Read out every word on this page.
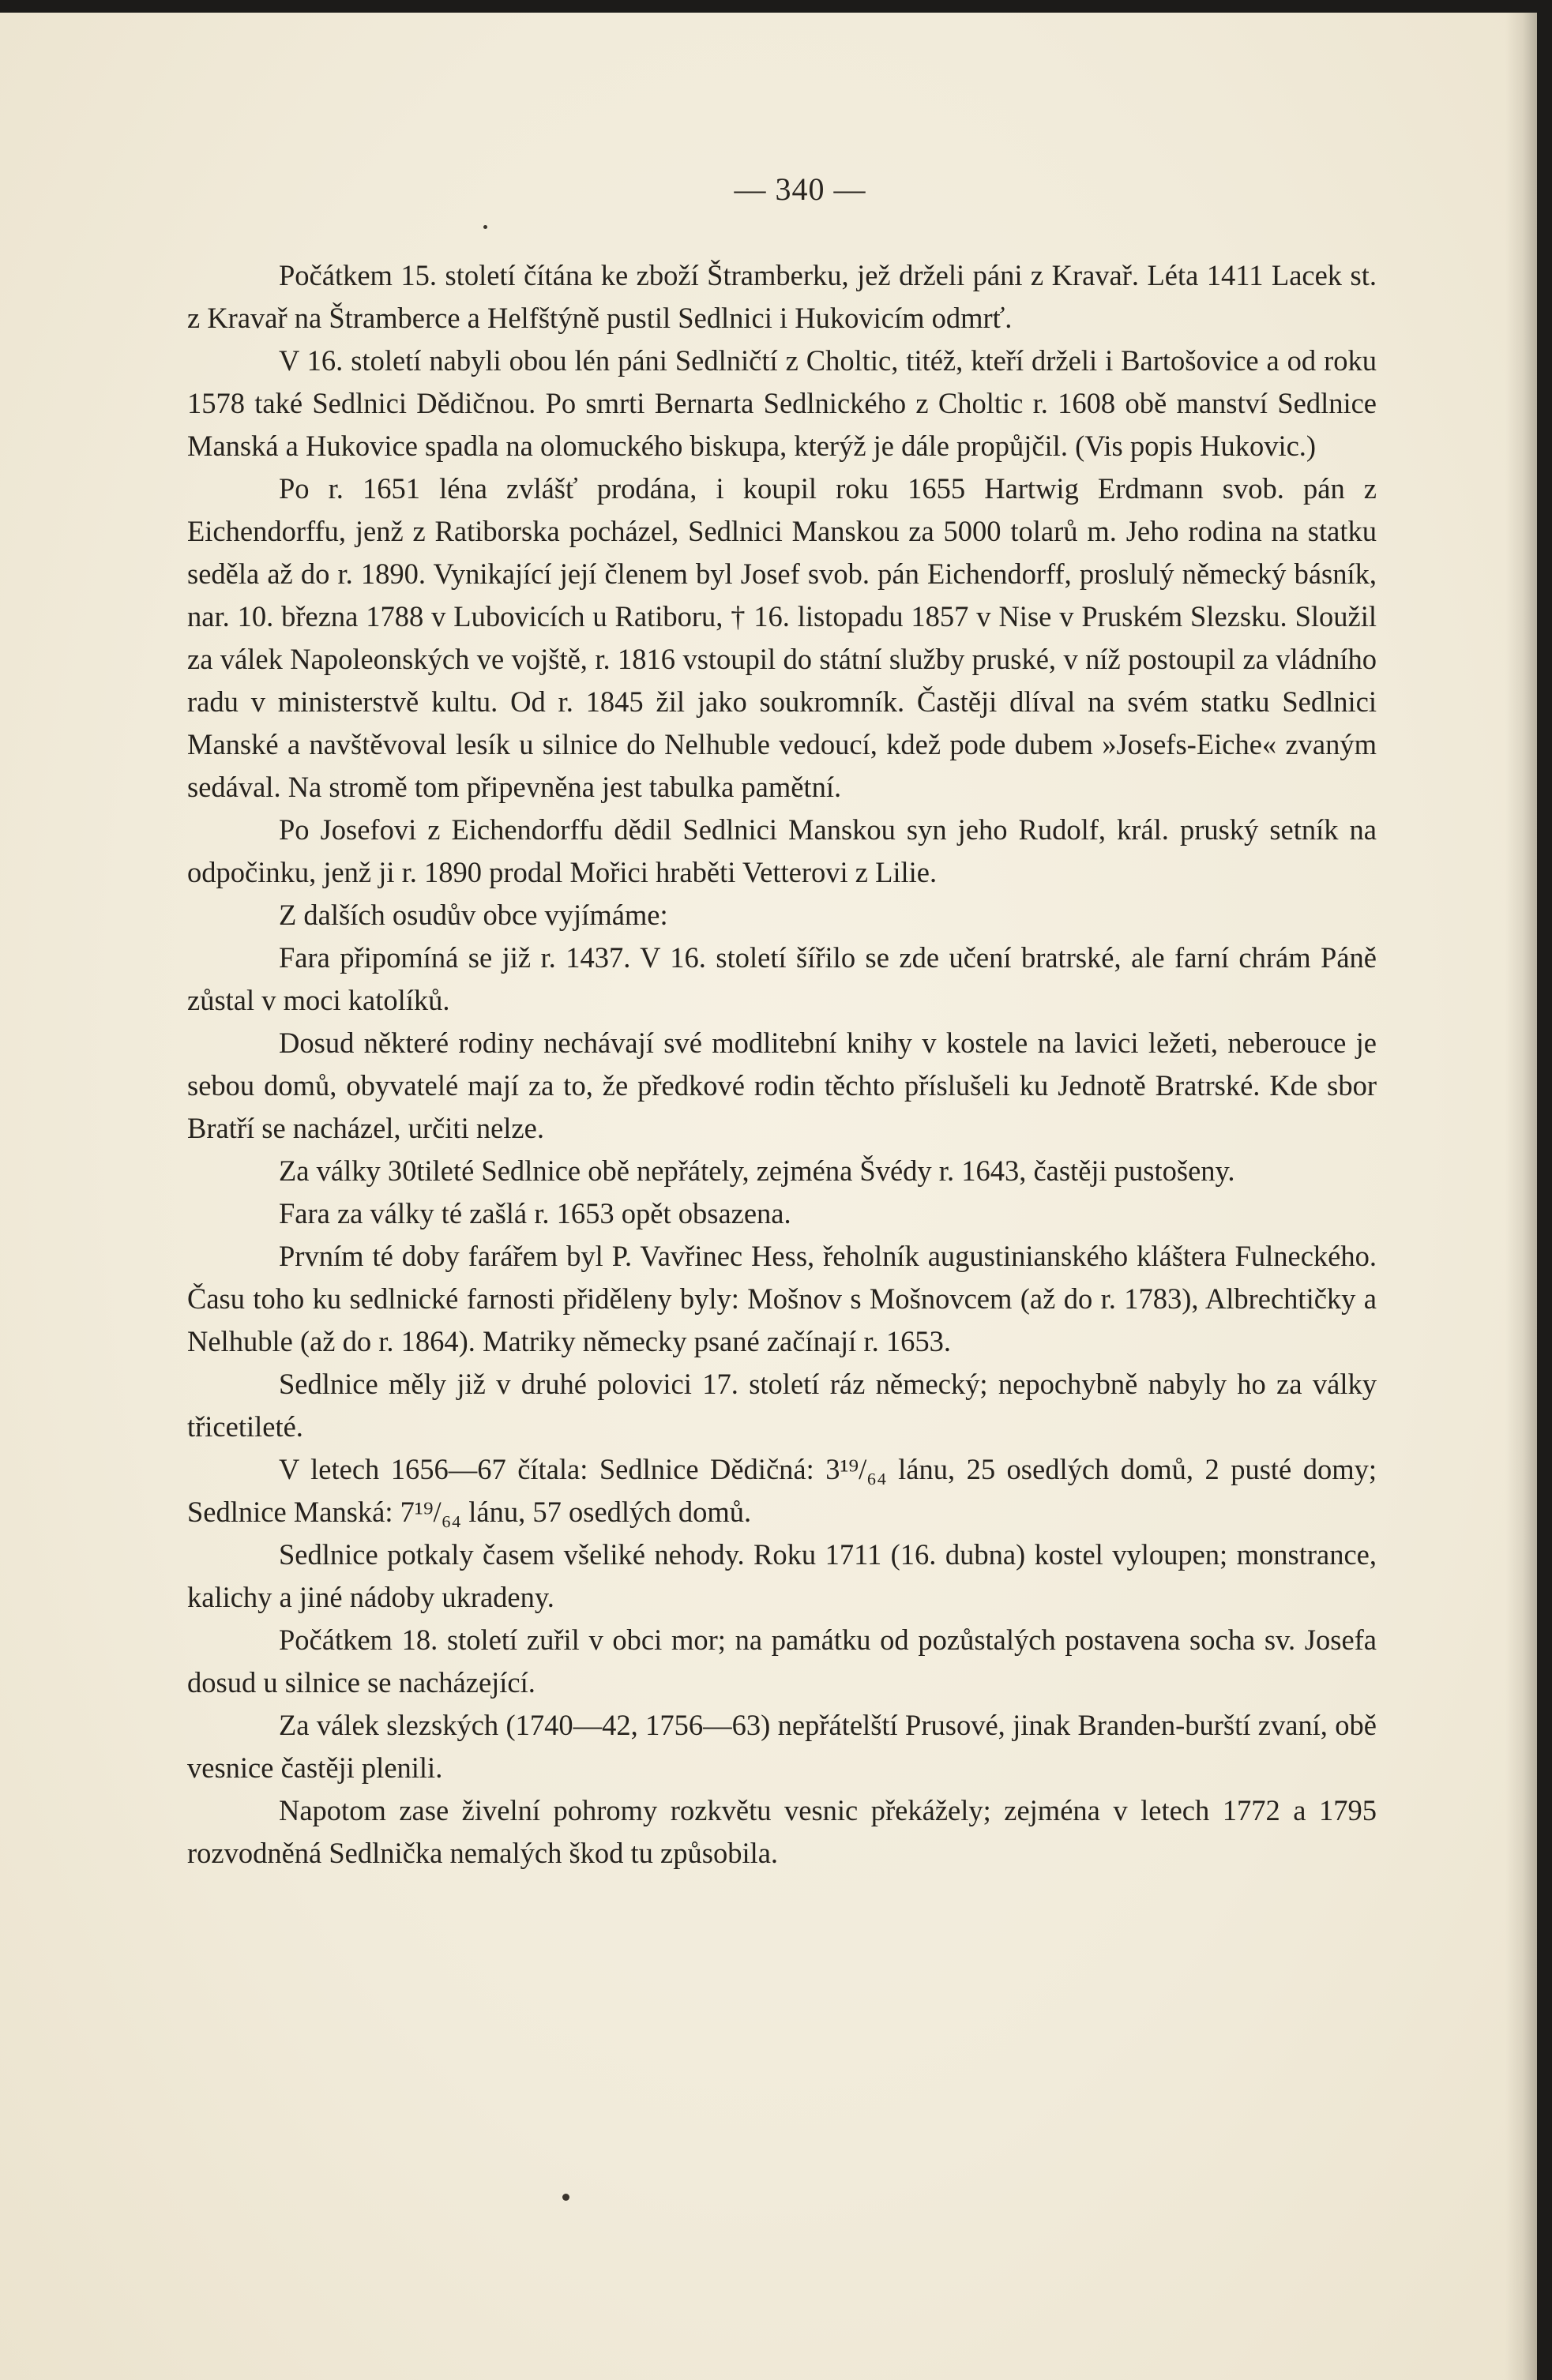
— 340 —

Počátkem 15. století čítána ke zboží Štramberku, jež drželi páni z Kravař. Léta 1411 Lacek st. z Kravař na Štramberce a Helfštýně pustil Sedlnici i Hukovicím odmrť.

V 16. století nabyli obou lén páni Sedlničtí z Choltic, titéž, kteří drželi i Bartošovice a od roku 1578 také Sedlnici Dědičnou. Po smrti Bernarta Sedlnického z Choltic r. 1608 obě manství Sedlnice Manská a Hukovice spadla na olomuckého biskupa, kterýž je dále propůjčil. (Vis popis Hukovic.)

Po r. 1651 léna zvlášť prodána, i koupil roku 1655 Hartwig Erdmann svob. pán z Eichendorffu, jenž z Ratiborska pocházel, Sedlnici Manskou za 5000 tolarů m. Jeho rodina na statku seděla až do r. 1890. Vynikající její členem byl Josef svob. pán Eichendorff, proslulý německý básník, nar. 10. března 1788 v Lubovicích u Ratiboru, † 16. listopadu 1857 v Nise v Pruském Slezsku. Sloužil za válek Napoleonských ve vojště, r. 1816 vstoupil do státní služby pruské, v níž postoupil za vládního radu v ministerstvě kultu. Od r. 1845 žil jako soukromník. Častěji dlíval na svém statku Sedlnici Manské a navštěvoval lesík u silnice do Nelhuble vedoucí, kdež pode dubem »Josefs-Eiche« zvaným sedával. Na stromě tom připevněna jest tabulka pamětní.

Po Josefovi z Eichendorffu dědil Sedlnici Manskou syn jeho Rudolf, král. pruský setník na odpočinku, jenž ji r. 1890 prodal Mořici hraběti Vetterovi z Lilie.

Z dalších osudův obce vyjímáme:

Fara připomíná se již r. 1437. V 16. století šířilo se zde učení bratrské, ale farní chrám Páně zůstal v moci katolíků.

Dosud některé rodiny nechávají své modlitební knihy v kostele na lavici ležeti, neberouce je sebou domů, obyvatelé mají za to, že předkové rodin těchto příslušeli ku Jednotě Bratrské. Kde sbor Bratří se nacházel, určiti nelze.

Za války 30tileté Sedlnice obě nepřátely, zejména Švédy r. 1643, častěji pustošeny.

Fara za války té zašlá r. 1653 opět obsazena.

Prvním té doby farářem byl P. Vavřinec Hess, řeholník augustinianského kláštera Fulneckého. Času toho ku sedlnické farnosti přiděleny byly: Mošnov s Mošnovcem (až do r. 1783), Albrechtičky a Nelhuble (až do r. 1864). Matriky německy psané začínají r. 1653.

Sedlnice měly již v druhé polovici 17. století ráz německý; nepochybně nabyly ho za války třicetileté.

V letech 1656—67 čítala: Sedlnice Dědičná: 3¹⁹/₆₄ lánu, 25 osedlých domů, 2 pusté domy; Sedlnice Manská: 7¹⁹/₆₄ lánu, 57 osedlých domů.

Sedlnice potkaly časem všeliké nehody. Roku 1711 (16. dubna) kostel vyloupen; monstrance, kalichy a jiné nádoby ukradeny.

Počátkem 18. století zuřil v obci mor; na památku od pozůstalých postavena socha sv. Josefa dosud u silnice se nacházející.

Za válek slezských (1740—42, 1756—63) nepřátelští Prusové, jinak Branden-burští zvaní, obě vesnice častěji plenili.

Napotom zase živelní pohromy rozkvětu vesnic překážely; zejména v letech 1772 a 1795 rozvodněná Sedlnička nemalých škod tu způsobila.
